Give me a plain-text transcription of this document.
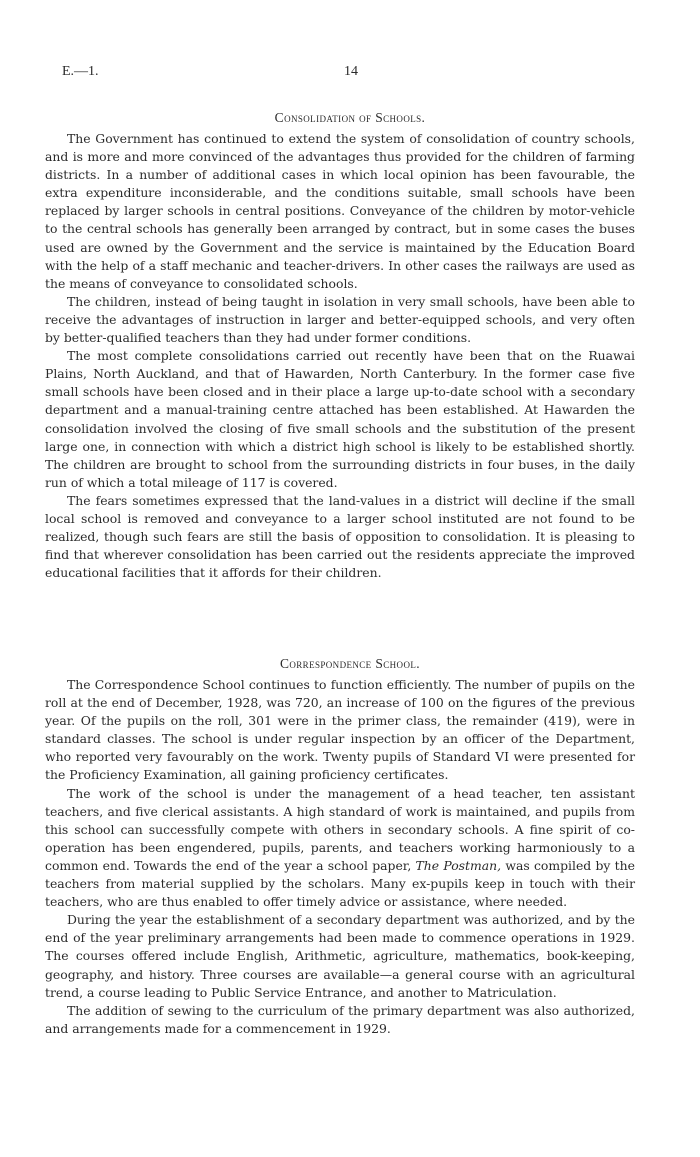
E.—1.	14
Consolidation of Schools.

The Government has continued to extend the system of consolidation of country schools, and is more and more convinced of the advantages thus provided for the children of farming districts. In a number of additional cases in which local opinion has been favourable, the extra expenditure inconsiderable, and the conditions suitable, small schools have been replaced by larger schools in central positions. Conveyance of the children by motor-vehicle to the central schools has generally been arranged by contract, but in some cases the buses used are owned by the Government and the service is maintained by the Education Board with the help of a staff mechanic and teacher-drivers. In other cases the railways are used as the means of conveyance to consolidated schools.

The children, instead of being taught in isolation in very small schools, have been able to receive the advantages of instruction in larger and better-equipped schools, and very often by better-qualified teachers than they had under former conditions.

The most complete consolidations carried out recently have been that on the Ruawai Plains, North Auckland, and that of Hawarden, North Canterbury. In the former case five small schools have been closed and in their place a large up-to-date school with a secondary department and a manual-training centre attached has been established. At Hawarden the consolidation involved the closing of five small schools and the substitution of the present large one, in connection with which a district high school is likely to be established shortly. The children are brought to school from the surrounding districts in four buses, in the daily run of which a total mileage of 117 is covered.

The fears sometimes expressed that the land-values in a district will decline if the small local school is removed and conveyance to a larger school instituted are not found to be realized, though such fears are still the basis of opposition to consolidation. It is pleasing to find that wherever consolidation has been carried out the residents appreciate the improved educational facilities that it affords for their children.

Correspondence School.

The Correspondence School continues to function efficiently. The number of pupils on the roll at the end of December, 1928, was 720, an increase of 100 on the figures of the previous year. Of the pupils on the roll, 301 were in the primer class, the remainder (419), were in standard classes. The school is under regular inspection by an officer of the Department, who reported very favourably on the work. Twenty pupils of Standard VI were presented for the Proficiency Examination, all gaining proficiency certificates.

The work of the school is under the management of a head teacher, ten assistant teachers, and five clerical assistants. A high standard of work is maintained, and pupils from this school can successfully compete with others in secondary schools. A fine spirit of co-operation has been engendered, pupils, parents, and teachers working harmoniously to a common end. Towards the end of the year a school paper, The Postman, was compiled by the teachers from material supplied by the scholars. Many ex-pupils keep in touch with their teachers, who are thus enabled to offer timely advice or assistance, where needed.

During the year the establishment of a secondary department was authorized, and by the end of the year preliminary arrangements had been made to commence operations in 1929. The courses offered include English, Arithmetic, agriculture, mathematics, book-keeping, geography, and history. Three courses are available—a general course with an agricultural trend, a course leading to Public Service Entrance, and another to Matriculation.

The addition of sewing to the curriculum of the primary department was also authorized, and arrangements made for a commencement in 1929.
